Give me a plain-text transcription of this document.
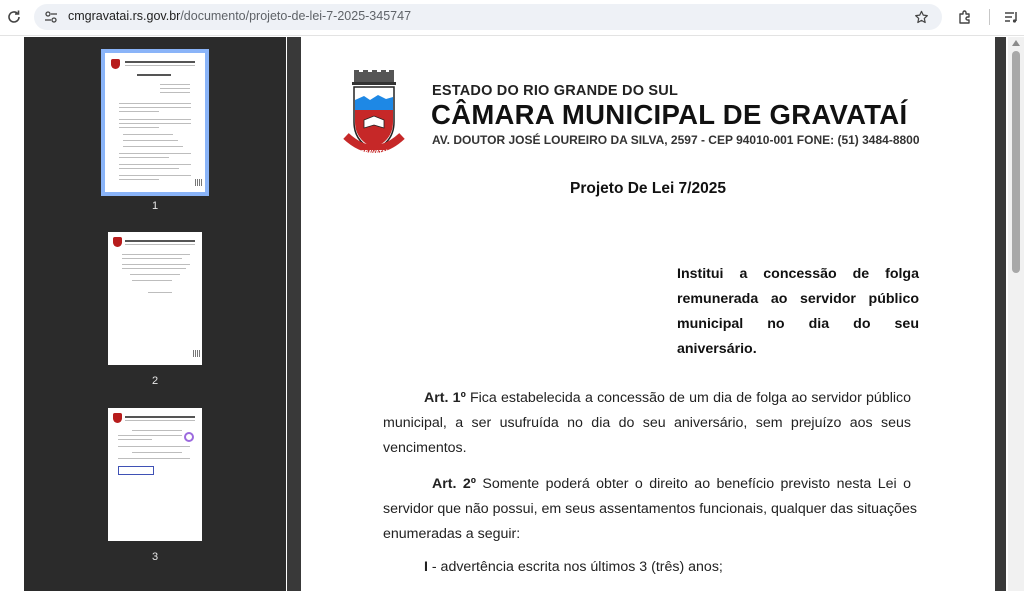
cmgravatai.rs.gov.br/documento/projeto-de-lei-7-2025-345747
1
2
3
GRAVATAÍ
ESTADO DO RIO GRANDE DO SUL
CÂMARA MUNICIPAL DE GRAVATAÍ
AV. DOUTOR JOSÉ LOUREIRO DA SILVA, 2597 - CEP 94010-001 FONE: (51) 3484-8800
Projeto De Lei 7/2025
Institui a concessão de folga
remunerada ao servidor público
municipal no dia do seu aniversário.
Art. 1º Fica estabelecida a concessão de um dia de folga ao servidor público
municipal, a ser usufruída no dia do seu aniversário, sem prejuízo aos seus
vencimentos.
Art. 2º Somente poderá obter o direito ao benefício previsto nesta Lei o
servidor que não possui, em seus assentamentos funcionais, qualquer das situações
enumeradas a seguir:
I - advertência escrita nos últimos 3 (três) anos;
